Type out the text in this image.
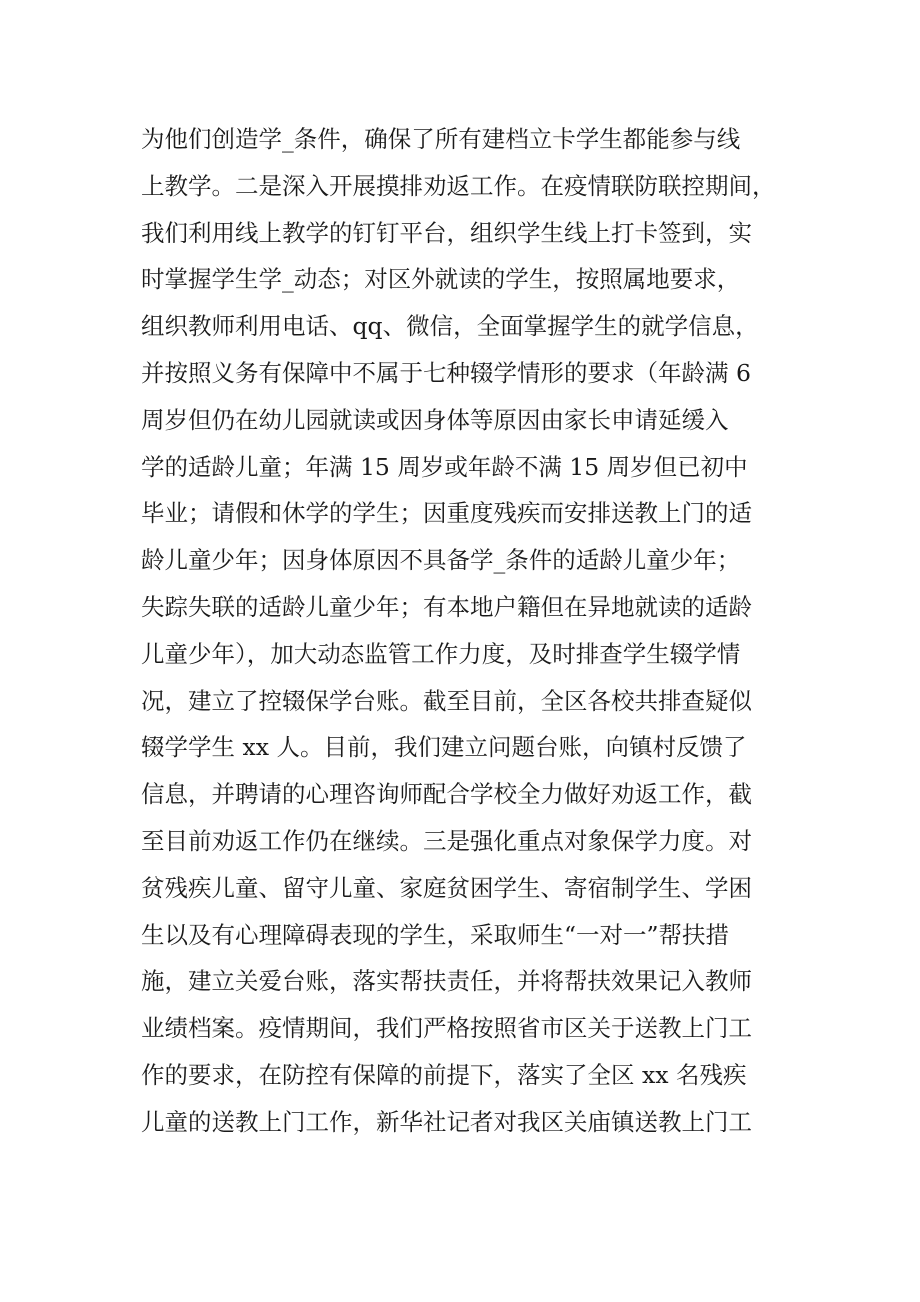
为他们创造学_条件，确保了所有建档立卡学生都能参与线
上教学。二是深入开展摸排劝返工作。在疫情联防联控期间，
我们利用线上教学的钉钉平台，组织学生线上打卡签到，实
时掌握学生学_动态；对区外就读的学生，按照属地要求，
组织教师利用电话、qq、微信，全面掌握学生的就学信息，
并按照义务有保障中不属于七种辍学情形的要求（年龄满 6
周岁但仍在幼儿园就读或因身体等原因由家长申请延缓入
学的适龄儿童；年满 15 周岁或年龄不满 15 周岁但已初中
毕业；请假和休学的学生；因重度残疾而安排送教上门的适
龄儿童少年；因身体原因不具备学_条件的适龄儿童少年；
失踪失联的适龄儿童少年；有本地户籍但在异地就读的适龄
儿童少年），加大动态监管工作力度，及时排查学生辍学情
况，建立了控辍保学台账。截至目前，全区各校共排查疑似
辍学学生 xx 人。目前，我们建立问题台账，向镇村反馈了
信息，并聘请的心理咨询师配合学校全力做好劝返工作，截
至目前劝返工作仍在继续。三是强化重点对象保学力度。对
贫残疾儿童、留守儿童、家庭贫困学生、寄宿制学生、学困
生以及有心理障碍表现的学生，采取师生“一对一”帮扶措
施，建立关爱台账，落实帮扶责任，并将帮扶效果记入教师
业绩档案。疫情期间，我们严格按照省市区关于送教上门工
作的要求，在防控有保障的前提下，落实了全区 xx 名残疾
儿童的送教上门工作，新华社记者对我区关庙镇送教上门工
